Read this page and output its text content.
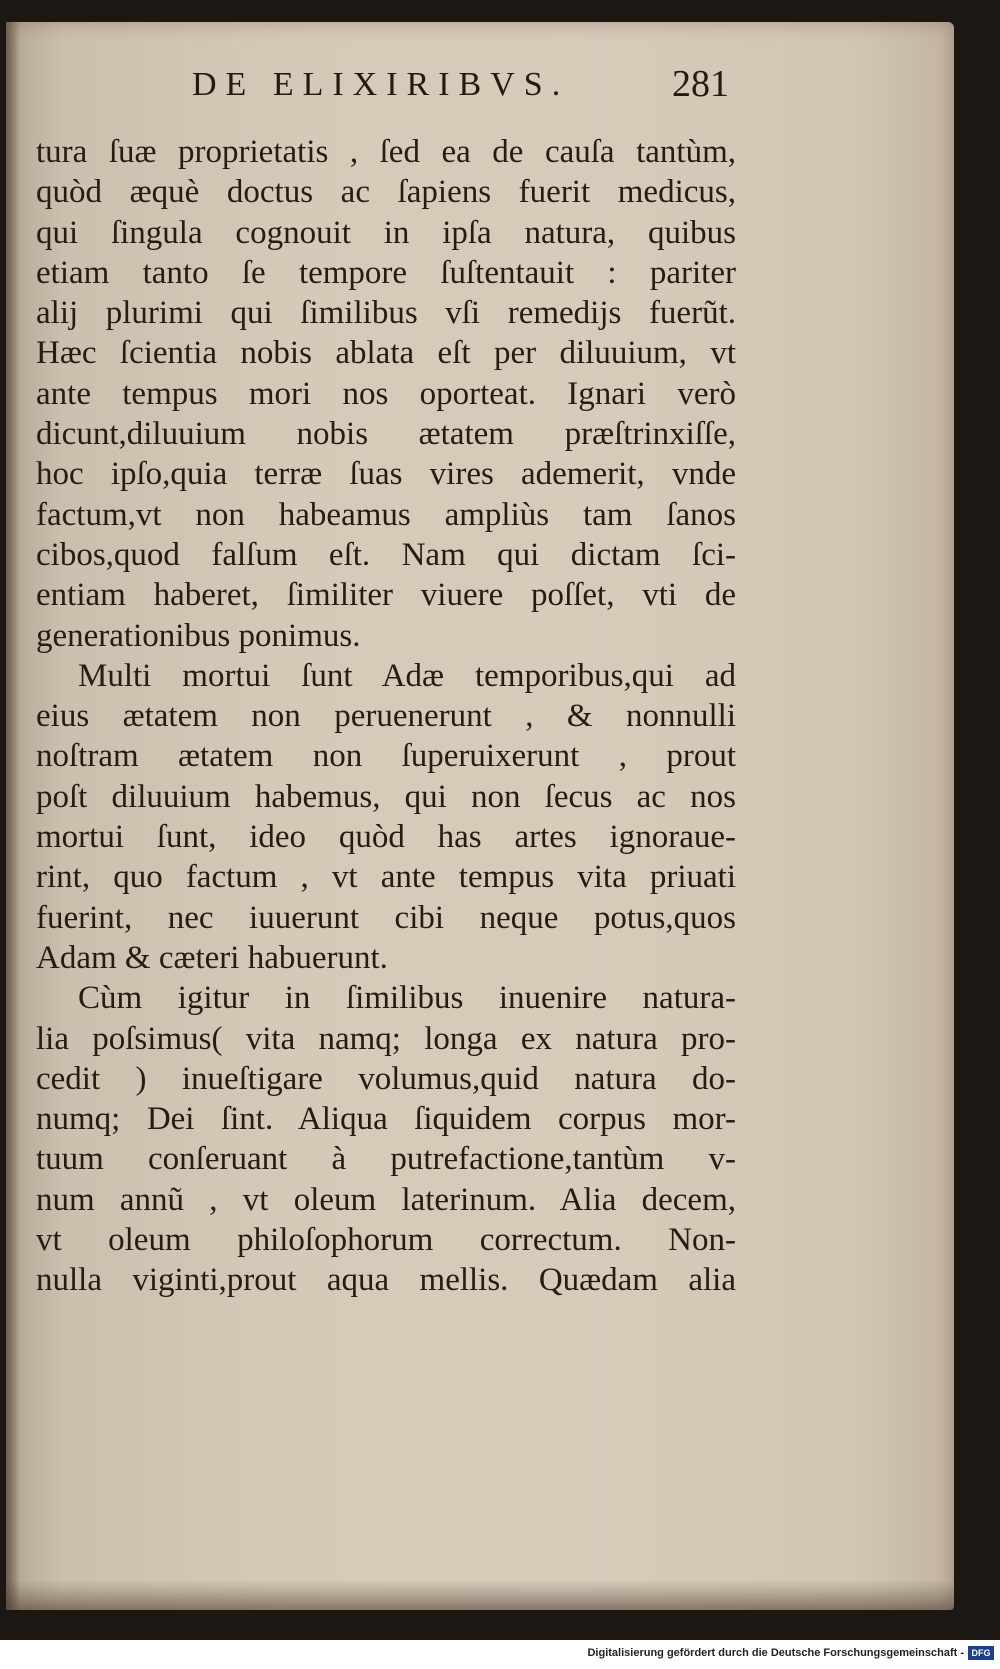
DE ELIXIRIBVS.	281
tura ſuæ proprietatis , ſed ea de cauſa tantùm,
quòd æquè doctus ac ſapiens fuerit medicus,
qui ſingula cognouit in ipſa natura, quibus
etiam tanto ſe tempore ſuſtentauit : pariter
alij plurimi qui ſimilibus vſi remedijs fuerũt.
Hæc ſcientia nobis ablata eſt per diluuium, vt
ante tempus mori nos oporteat. Ignari verò
dicunt,diluuium nobis ætatem præſtrinxiſſe,
hoc ipſo,quia terræ ſuas vires ademerit, vnde
factum,vt non habeamus ampliùs tam ſanos
cibos,quod falſum eſt. Nam qui dictam ſci-
entiam haberet, ſimiliter viuere poſſet, vti de
generationibus ponimus.
Multi mortui ſunt Adæ temporibus,qui ad
eius ætatem non peruenerunt , & nonnulli
noſtram ætatem non ſuperuixerunt , prout
poſt diluuium habemus, qui non ſecus ac nos
mortui ſunt, ideo quòd has artes ignoraue-
rint, quo factum , vt ante tempus vita priuati
fuerint, nec iuuerunt cibi neque potus,quos
Adam & cæteri habuerunt.
Cùm igitur in ſimilibus inuenire natura-
lia poſsimus( vita namq; longa ex natura pro-
cedit ) inueſtigare volumus,quid natura do-
numq; Dei ſint. Aliqua ſiquidem corpus mor-
tuum conſeruant à putrefactione,tantùm v-
num annũ , vt oleum laterinum. Alia decem,
vt oleum philoſophorum correctum. Non-
nulla viginti,prout aqua mellis. Quædam alia
Digitalisierung gefördert durch die Deutsche Forschungsgemeinschaft - DFG
